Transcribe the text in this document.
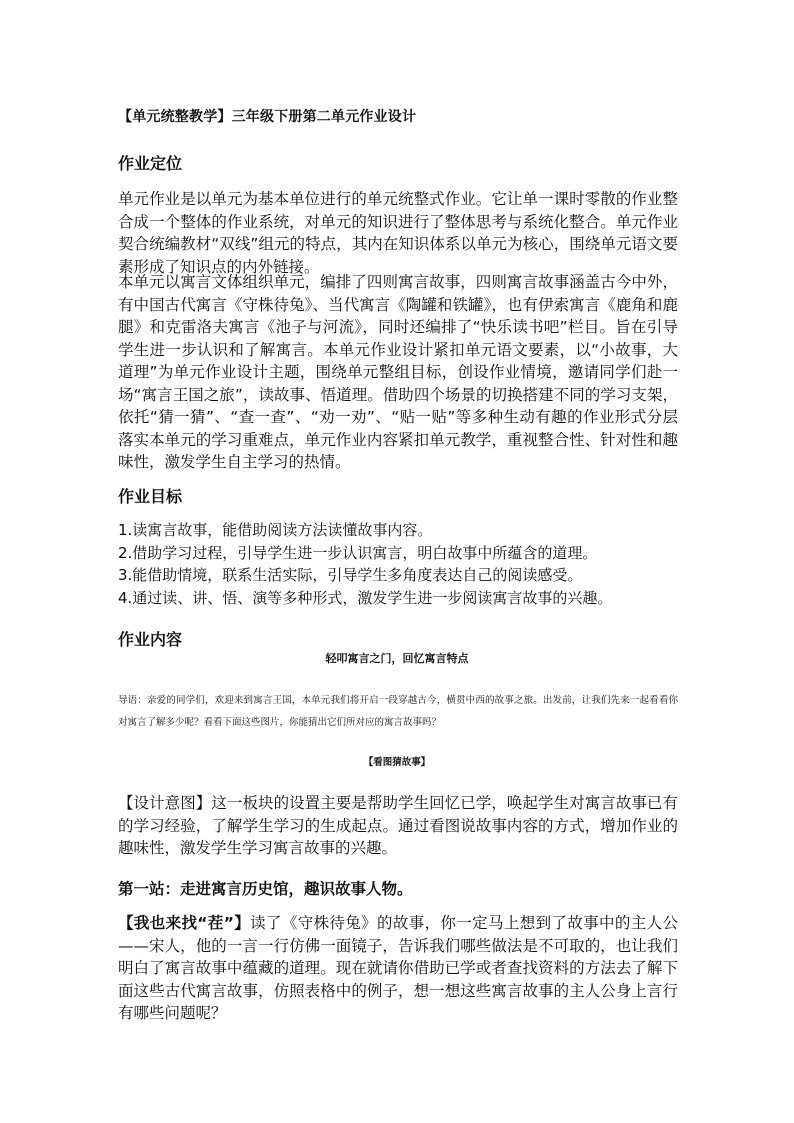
【单元统整教学】三年级下册第二单元作业设计
作业定位
单元作业是以单元为基本单位进行的单元统整式作业。它让单一课时零散的作业整合成一个整体的作业系统，对单元的知识进行了整体思考与系统化整合。单元作业契合统编教材“双线”组元的特点，其内在知识体系以单元为核心，围绕单元语文要素形成了知识点的内外链接。
本单元以寓言文体组织单元，编排了四则寓言故事，四则寓言故事涵盖古今中外，有中国古代寓言《守株待兔》、当代寓言《陶罐和铁罐》，也有伊索寓言《鹿角和鹿腿》和克雷洛夫寓言《池子与河流》，同时还编排了“快乐读书吧”栏目。旨在引导学生进一步认识和了解寓言。本单元作业设计紧扣单元语文要素，以“小故事，大道理”为单元作业设计主题，围绕单元整组目标，创设作业情境，邀请同学们赴一场“寓言王国之旅”，读故事、悟道理。借助四个场景的切换搭建不同的学习支架，依托“猜一猜”、“查一查”、“劝一劝”、“贴一贴”等多种生动有趣的作业形式分层落实本单元的学习重难点，单元作业内容紧扣单元教学，重视整合性、针对性和趣味性，激发学生自主学习的热情。
作业目标
1.读寓言故事，能借助阅读方法读懂故事内容。
2.借助学习过程，引导学生进一步认识寓言，明白故事中所蕴含的道理。
3.能借助情境，联系生活实际，引导学生多角度表达自己的阅读感受。
4.通过读、讲、悟、演等多种形式，激发学生进一步阅读寓言故事的兴趣。
作业内容
轻叩寓言之门，回忆寓言特点
导语：亲爱的同学们，欢迎来到寓言王国，本单元我们将开启一段穿越古今，横贯中西的故事之旅。出发前，让我们先来一起看看你对寓言了解多少呢？看看下面这些图片，你能猜出它们所对应的寓言故事吗？
【看图猜故事】
【设计意图】这一板块的设置主要是帮助学生回忆已学，唤起学生对寓言故事已有的学习经验，了解学生学习的生成起点。通过看图说故事内容的方式，增加作业的趣味性，激发学生学习寓言故事的兴趣。
第一站：走进寓言历史馆，趣识故事人物。
【我也来找“茬”】读了《守株待兔》的故事，你一定马上想到了故事中的主人公——宋人，他的一言一行仿佛一面镜子，告诉我们哪些做法是不可取的，也让我们明白了寓言故事中蕴藏的道理。现在就请你借助已学或者查找资料的方法去了解下面这些古代寓言故事，仿照表格中的例子，想一想这些寓言故事的主人公身上言行有哪些问题呢？
